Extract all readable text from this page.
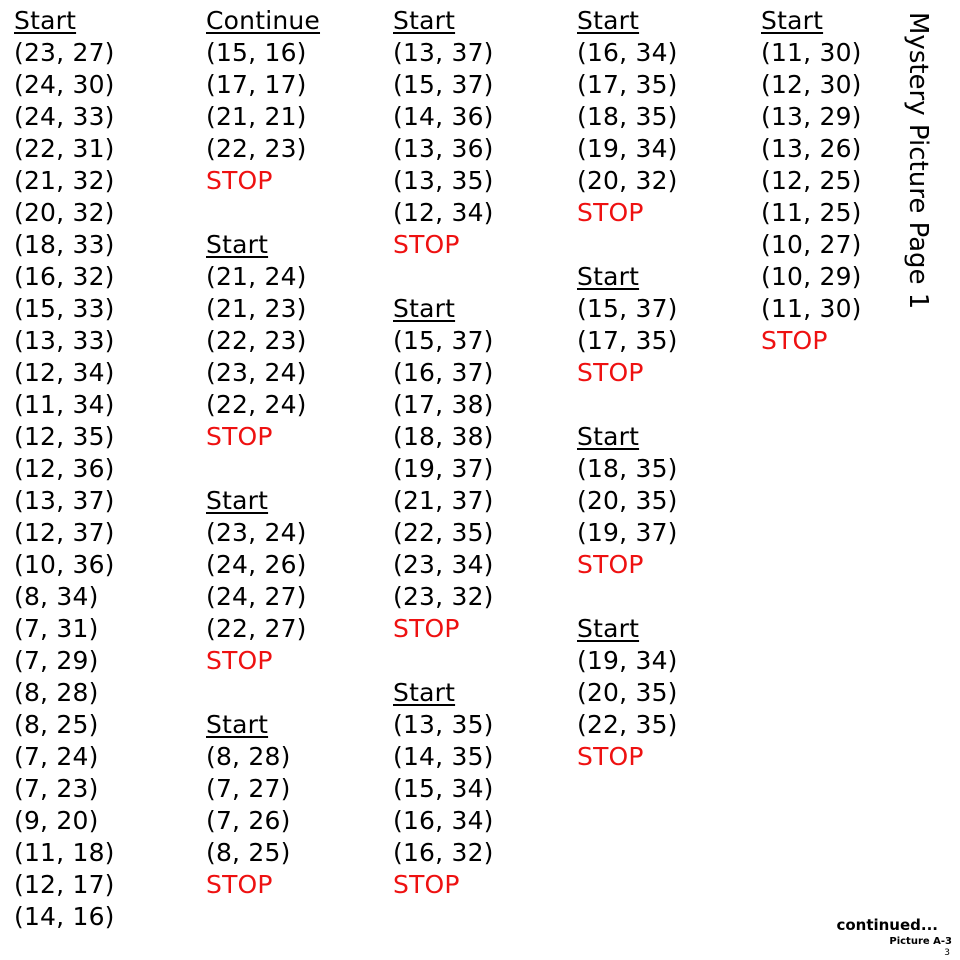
Start
(23, 27)
(24, 30)
(24, 33)
(22, 31)
(21, 32)
(20, 32)
(18, 33)
(16, 32)
(15, 33)
(13, 33)
(12, 34)
(11, 34)
(12, 35)
(12, 36)
(13, 37)
(12, 37)
(10, 36)
(8, 34)
(7, 31)
(7, 29)
(8, 28)
(8, 25)
(7, 24)
(7, 23)
(9, 20)
(11, 18)
(12, 17)
(14, 16)
Continue
(15, 16)
(17, 17)
(21, 21)
(22, 23)
STOP
Start
(21, 24)
(21, 23)
(22, 23)
(23, 24)
(22, 24)
STOP
Start
(23, 24)
(24, 26)
(24, 27)
(22, 27)
STOP
Start
(8, 28)
(7, 27)
(7, 26)
(8, 25)
STOP
Start
(13, 37)
(15, 37)
(14, 36)
(13, 36)
(13, 35)
(12, 34)
STOP
Start
(15, 37)
(16, 37)
(17, 38)
(18, 38)
(19, 37)
(21, 37)
(22, 35)
(23, 34)
(23, 32)
STOP
Start
(13, 35)
(14, 35)
(15, 34)
(16, 34)
(16, 32)
STOP
Start
(16, 34)
(17, 35)
(18, 35)
(19, 34)
(20, 32)
STOP
Start
(15, 37)
(17, 35)
STOP
Start
(18, 35)
(20, 35)
(19, 37)
STOP
Start
(19, 34)
(20, 35)
(22, 35)
STOP
Start
(11, 30)
(12, 30)
(13, 29)
(13, 26)
(12, 25)
(11, 25)
(10, 27)
(10, 29)
(11, 30)
STOP
Mystery Picture Page 1
continued...
Picture A-3
3
